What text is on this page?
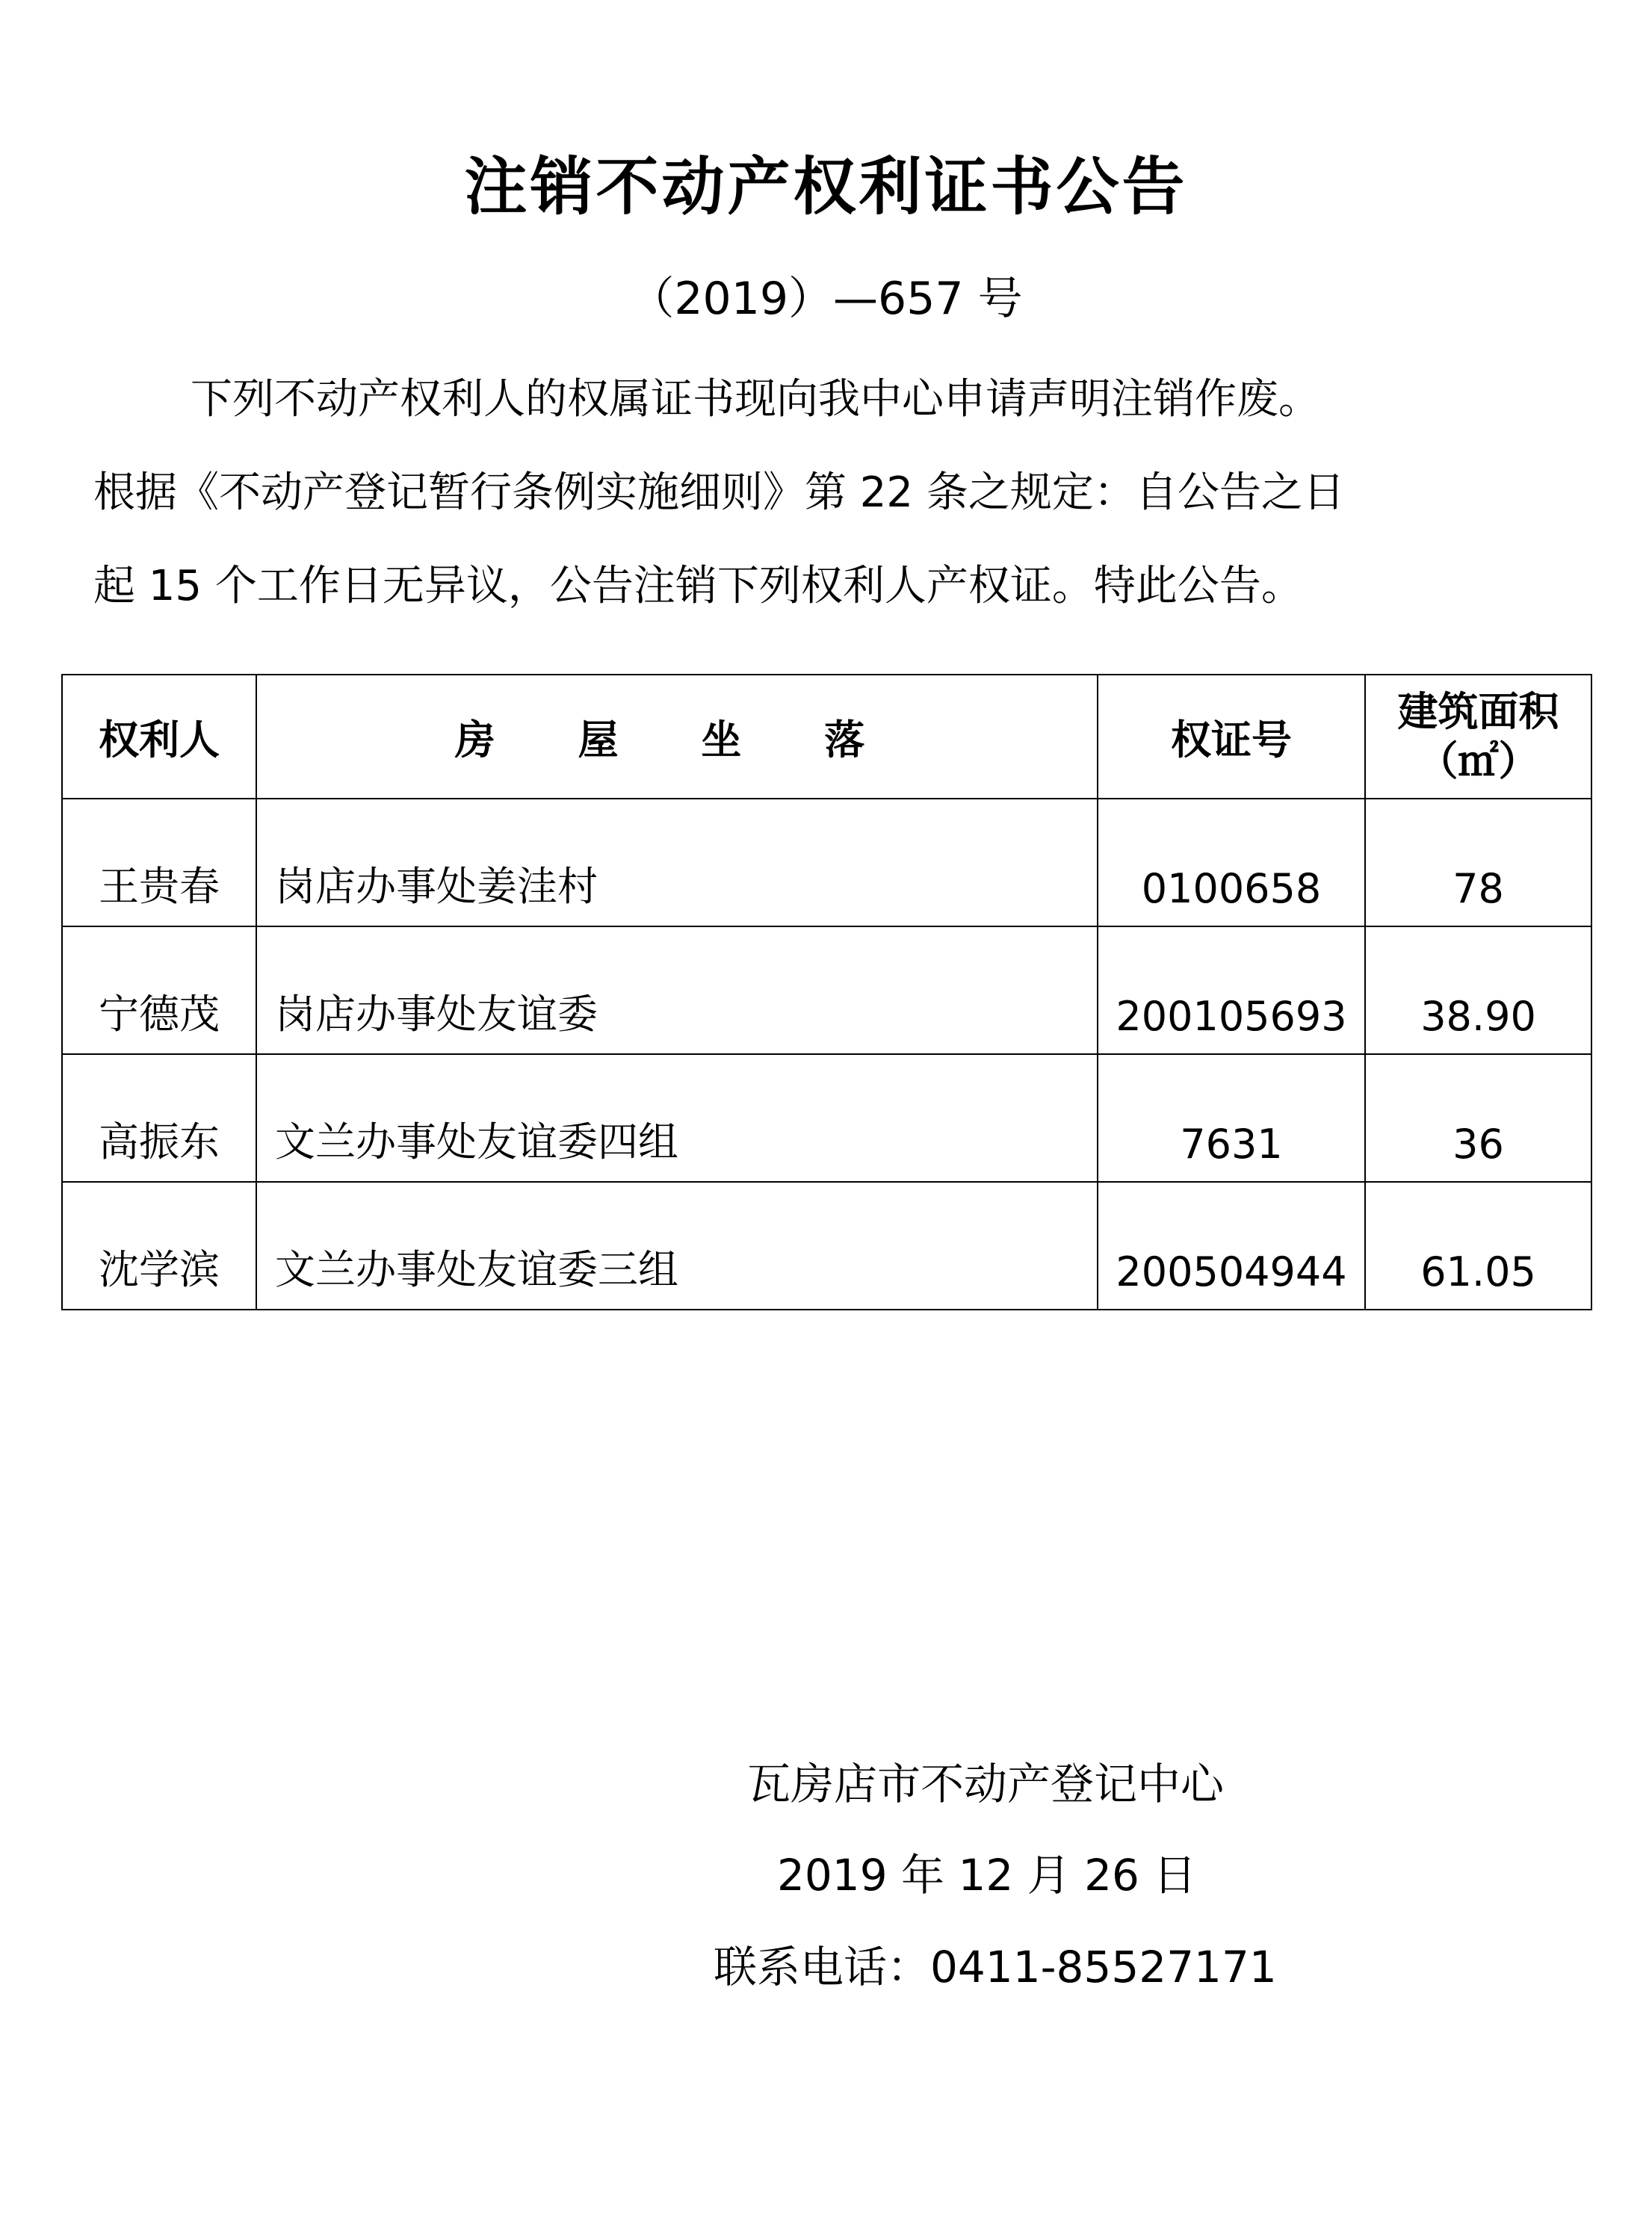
注销不动产权利证书公告
（2019）—657 号
下列不动产权利人的权属证书现向我中心申请声明注销作废。
根据《不动产登记暂行条例实施细则》第 22 条之规定：自公告之日
起 15 个工作日无异议，公告注销下列权利人产权证。特此公告。
权利人	房 屋 坐 落	权证号	建筑面积
（㎡）

王贵春	岗店办事处姜洼村	0100658	78
宁德茂	岗店办事处友谊委	200105693	38.90
高振东	文兰办事处友谊委四组	7631	36
沈学滨	文兰办事处友谊委三组	200504944	61.05
瓦房店市不动产登记中心
2019 年 12 月 26 日
联系电话：0411-85527171
